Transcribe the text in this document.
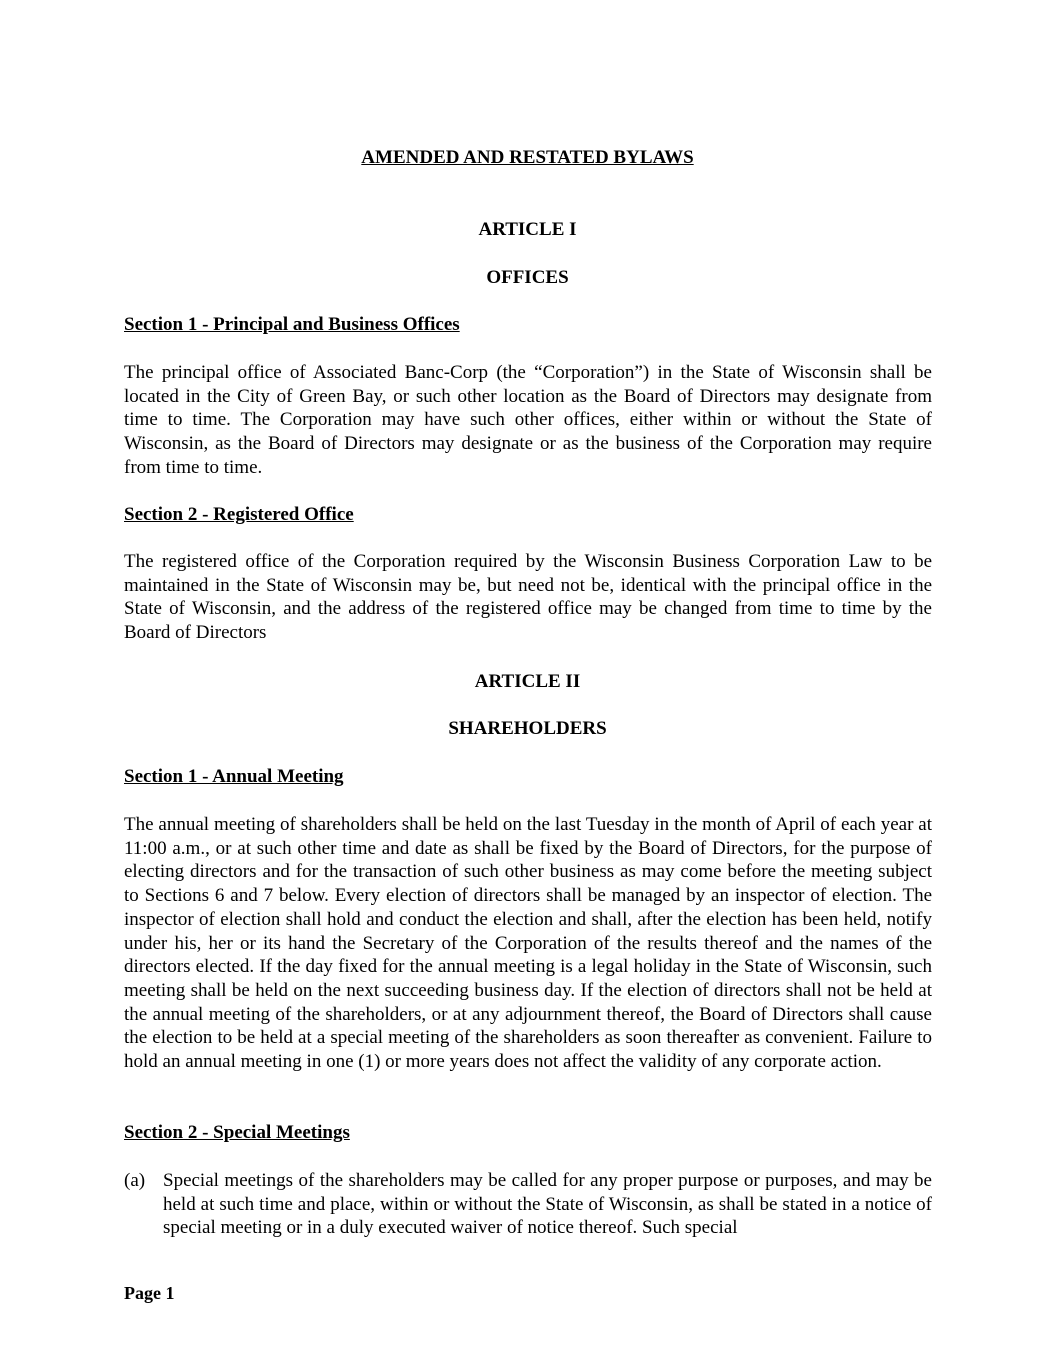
AMENDED AND RESTATED BYLAWS
ARTICLE I
OFFICES
Section 1 - Principal and Business Offices

The principal office of Associated Banc-Corp (the “Corporation”) in the State of Wisconsin shall be located in the City of Green Bay, or such other location as the Board of Directors may designate from time to time. The Corporation may have such other offices, either within or without the State of Wisconsin, as the Board of Directors may designate or as the business of the Corporation may require from time to time.

Section 2 - Registered Office

The registered office of the Corporation required by the Wisconsin Business Corporation Law to be maintained in the State of Wisconsin may be, but need not be, identical with the principal office in the State of Wisconsin, and the address of the registered office may be changed from time to time by the Board of Directors

ARTICLE II
SHAREHOLDERS
Section 1 - Annual Meeting

The annual meeting of shareholders shall be held on the last Tuesday in the month of April of each year at 11:00 a.m., or at such other time and date as shall be fixed by the Board of Directors, for the purpose of electing directors and for the transaction of such other business as may come before the meeting subject to Sections 6 and 7 below. Every election of directors shall be managed by an inspector of election. The inspector of election shall hold and conduct the election and shall, after the election has been held, notify under his, her or its hand the Secretary of the Corporation of the results thereof and the names of the directors elected. If the day fixed for the annual meeting is a legal holiday in the State of Wisconsin, such meeting shall be held on the next succeeding business day. If the election of directors shall not be held at the annual meeting of the shareholders, or at any adjournment thereof, the Board of Directors shall cause the election to be held at a special meeting of the shareholders as soon thereafter as convenient. Failure to hold an annual meeting in one (1) or more years does not affect the validity of any corporate action.

Section 2 - Special Meetings
(a) Special meetings of the shareholders may be called for any proper purpose or purposes, and may be held at such time and place, within or without the State of Wisconsin, as shall be stated in a notice of special meeting or in a duly executed waiver of notice thereof. Such special

Page 1
